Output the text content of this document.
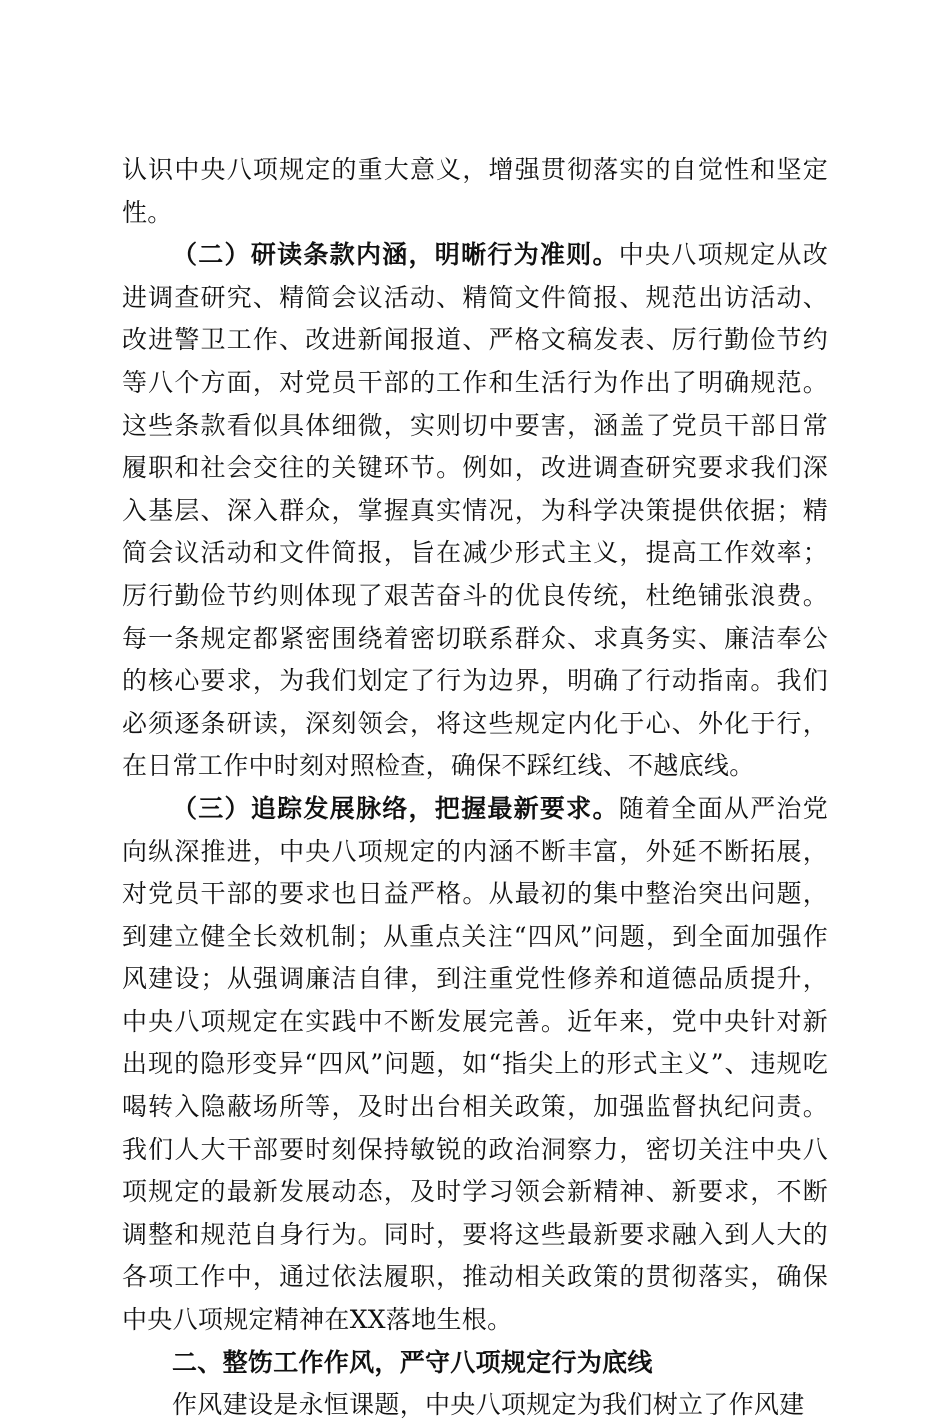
认识中央八项规定的重大意义，增强贯彻落实的自觉性和坚定性。

（二）研读条款内涵，明晰行为准则。中央八项规定从改进调查研究、精简会议活动、精简文件简报、规范出访活动、改进警卫工作、改进新闻报道、严格文稿发表、厉行勤俭节约等八个方面，对党员干部的工作和生活行为作出了明确规范。这些条款看似具体细微，实则切中要害，涵盖了党员干部日常履职和社会交往的关键环节。例如，改进调查研究要求我们深入基层、深入群众，掌握真实情况，为科学决策提供依据；精简会议活动和文件简报，旨在减少形式主义，提高工作效率；厉行勤俭节约则体现了艰苦奋斗的优良传统，杜绝铺张浪费。每一条规定都紧密围绕着密切联系群众、求真务实、廉洁奉公的核心要求，为我们划定了行为边界，明确了行动指南。我们必须逐条研读，深刻领会，将这些规定内化于心、外化于行，在日常工作中时刻对照检查，确保不踩红线、不越底线。

（三）追踪发展脉络，把握最新要求。随着全面从严治党向纵深推进，中央八项规定的内涵不断丰富，外延不断拓展，对党员干部的要求也日益严格。从最初的集中整治突出问题，到建立健全长效机制；从重点关注“四风”问题，到全面加强作风建设；从强调廉洁自律，到注重党性修养和道德品质提升，中央八项规定在实践中不断发展完善。近年来，党中央针对新出现的隐形变异“四风”问题，如“指尖上的形式主义”、违规吃喝转入隐蔽场所等，及时出台相关政策，加强监督执纪问责。我们人大干部要时刻保持敏锐的政治洞察力，密切关注中央八项规定的最新发展动态，及时学习领会新精神、新要求，不断调整和规范自身行为。同时，要将这些最新要求融入到人大的各项工作中，通过依法履职，推动相关政策的贯彻落实，确保中央八项规定精神在XX落地生根。

二、整饬工作作风，严守八项规定行为底线

作风建设是永恒课题，中央八项规定为我们树立了作风建
